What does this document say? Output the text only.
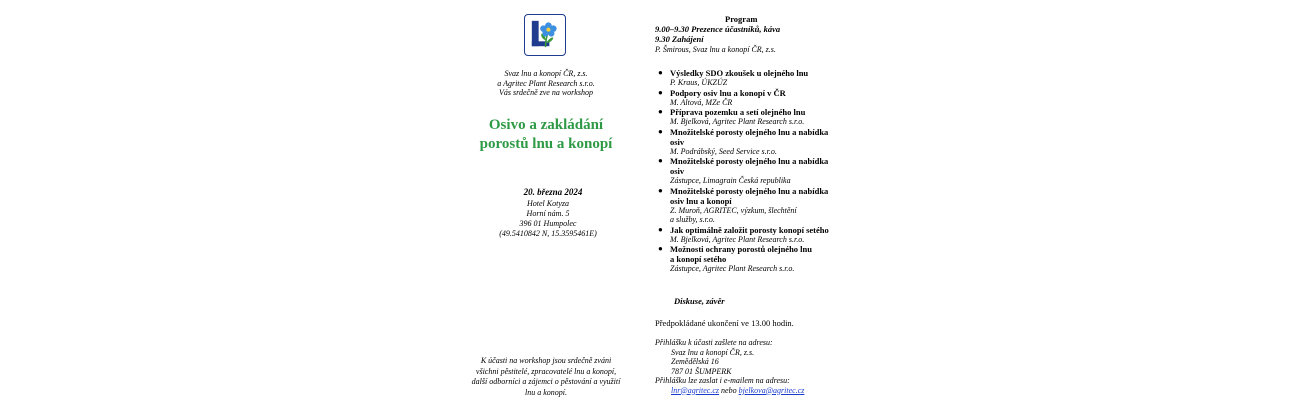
Svaz lnu a konopí ČR, z.s.
a Agritec Plant Research s.r.o.
Vás srdečně zve na workshop
Osivo a zakládání
porostů lnu a konopí
20. března 2024
Hotel Kotyza
Horní nám. 5
396 01 Humpolec
(49.5410842 N, 15.3595461E)
K účasti na workshop jsou srdečně zváni
všichni pěstitelé, zpracovatelé lnu a konopí,
další odborníci a zájemci o pěstování a využití
lnu a konopí.
Program
9.00–9.30 Prezence účastníků, káva
9.30 Zahájení
P. Šmirous, Svaz lnu a konopí ČR, z.s.
● Výsledky SDO zkoušek u olejného lnu
P. Kraus, ÚKZÚZ
● Podpory osiv lnu a konopí v ČR
M. Altová, MZe ČR
● Příprava pozemku a setí olejného lnu
M. Bjelková, Agritec Plant Research s.r.o.
● Množitelské porosty olejného lnu a nabídka
osiv
M. Podrábský, Seed Service s.r.o.
● Množitelské porosty olejného lnu a nabídka
osiv
Zástupce, Limagrain Česká republika
● Množitelské porosty olejného lnu a nabídka
osiv lnu a konopí
Z. Muroň, AGRITEC, výzkum, šlechtění
a služby, s.r.o.
● Jak optimálně založit porosty konopí setého
M. Bjelková, Agritec Plant Research s.r.o.
● Možnosti ochrany porostů olejného lnu
a konopí setého
Zástupce, Agritec Plant Research s.r.o.
Diskuse, závěr
Předpokládané ukončení ve 13.00 hodin.
Přihlášku k účasti zašlete na adresu:
Svaz lnu a konopí ČR, z.s.
Zemědělská 16
787 01 ŠUMPERK
Přihlášku lze zaslat i e-mailem na adresu:
lnr@agritec.cz nebo bjelkova@agritec.cz
